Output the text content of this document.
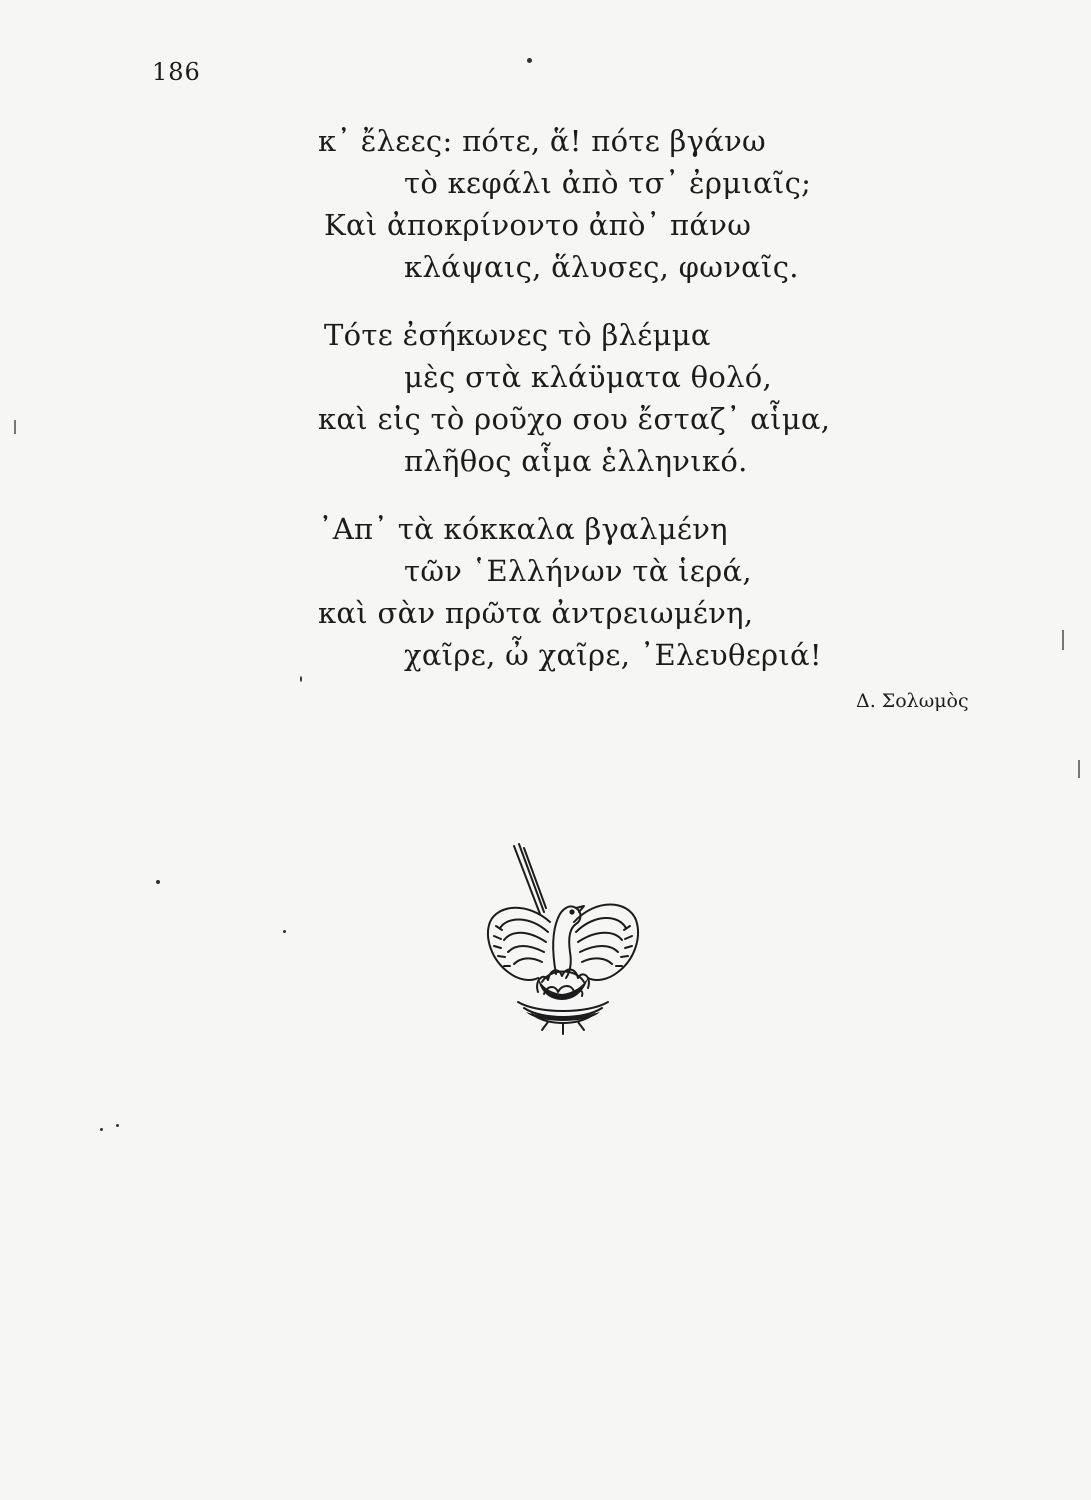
186
κ᾿ ἔλεες: πότε, ἅ! πότε βγάνω
τὸ κεφάλι ἀπὸ τσ᾿ ἐρμιαῖς;
Καὶ ἀποκρίνοντο ἀπὸ᾿ πάνω
κλάψαις, ἅλυσες, φωναῖς.
Τότε ἐσήκωνες τὸ βλέμμα
μὲς στὰ κλάϋματα θολό,
καὶ εἰς τὸ ροῦχο σου ἔσταζ᾿ αἷμα,
πλῆθος αἷμα ἑλληνικό.
᾿Απ᾿ τὰ κόκκαλα βγαλμένη
τῶν ῾Ελλήνων τὰ ἱερά,
καὶ σὰν πρῶτα ἀντρειωμένη,
χαῖρε, ὦ χαῖρε, ᾿Ελευθεριά!
Δ. Σολωμὸς
